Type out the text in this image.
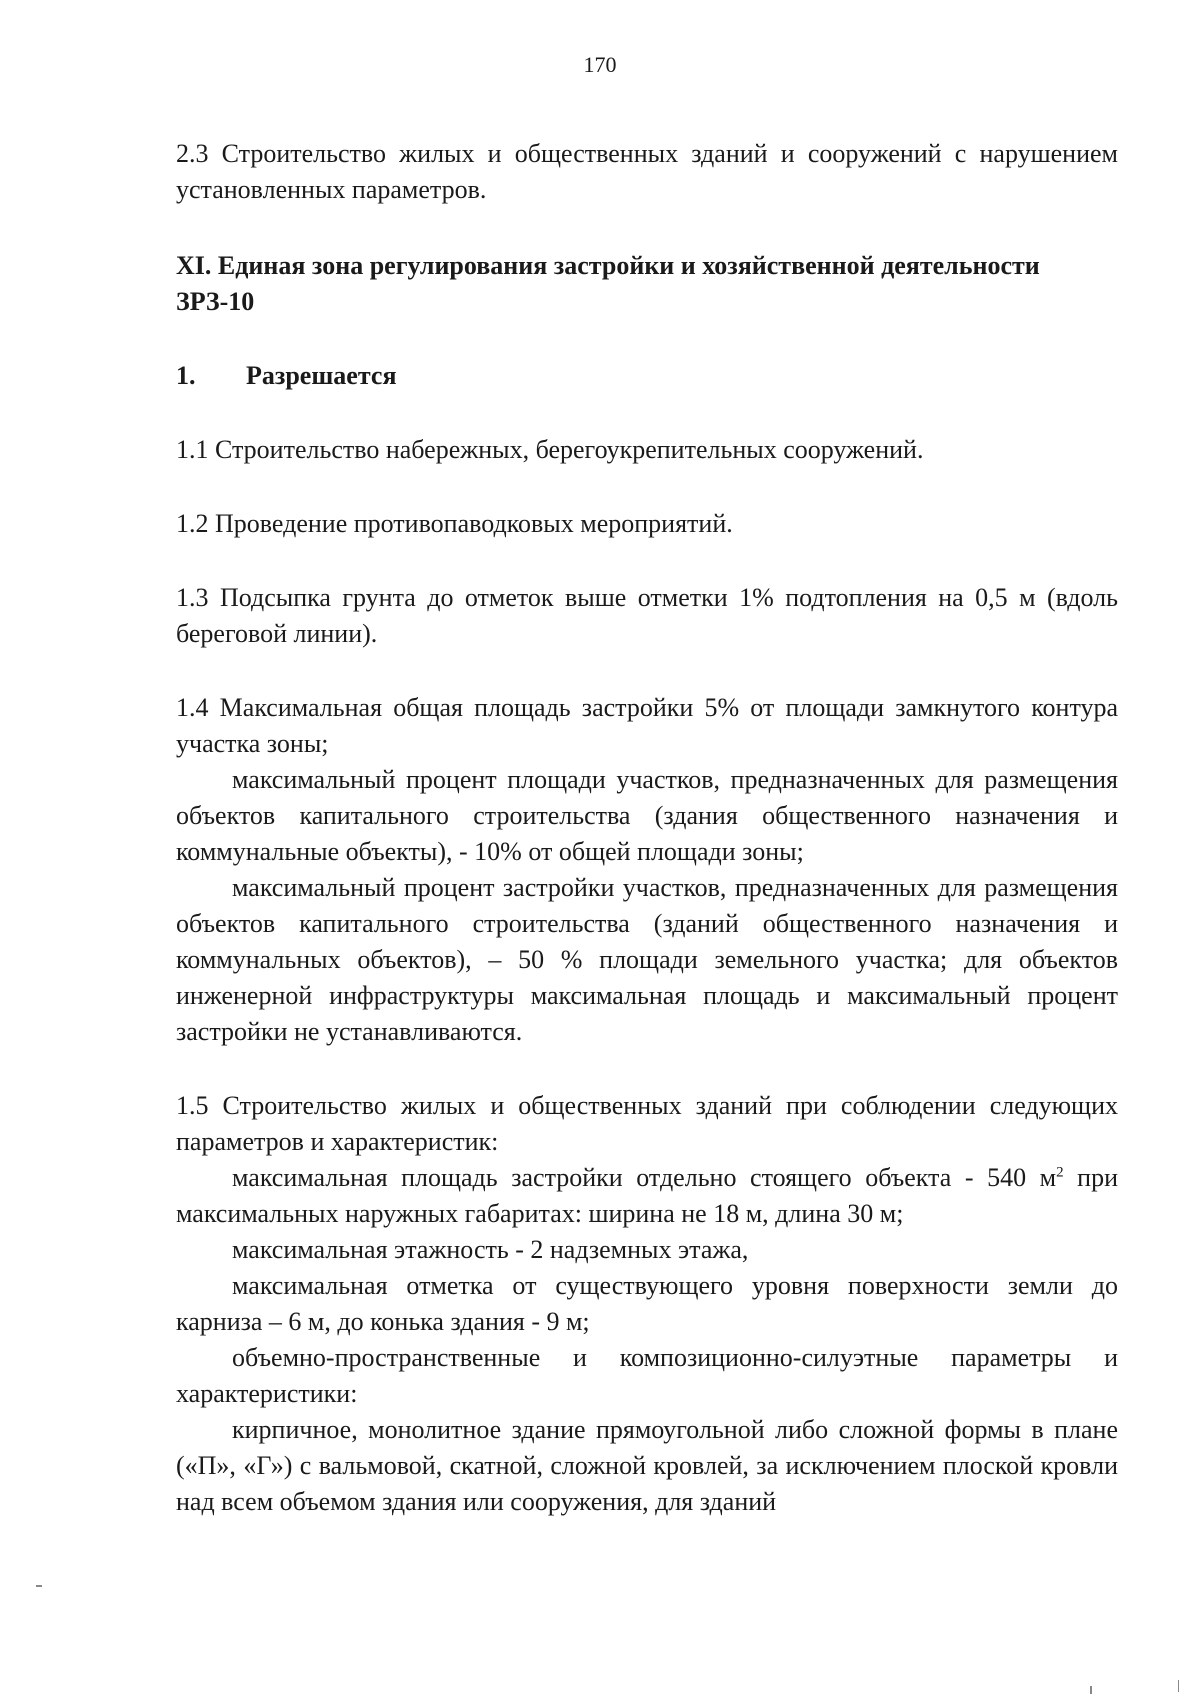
170

2.3 Строительство жилых и общественных зданий и сооружений с нарушением установленных параметров.

XI. Единая зона регулирования застройки и хозяйственной деятельности ЗРЗ-10

1. Разрешается

1.1 Строительство набережных, берегоукрепительных сооружений.

1.2 Проведение противопаводковых мероприятий.

1.3 Подсыпка грунта до отметок выше отметки 1% подтопления на 0,5 м (вдоль береговой линии).

1.4 Максимальная общая площадь застройки 5% от площади замкнутого контура участка зоны;

максимальный процент площади участков, предназначенных для размещения объектов капитального строительства (здания общественного назначения и коммунальные объекты), - 10% от общей площади зоны;

максимальный процент застройки участков, предназначенных для размещения объектов капитального строительства (зданий общественного назначения и коммунальных объектов), – 50 % площади земельного участка; для объектов инженерной инфраструктуры максимальная площадь и максимальный процент застройки не устанавливаются.

1.5 Строительство жилых и общественных зданий при соблюдении следующих параметров и характеристик:

максимальная площадь застройки отдельно стоящего объекта - 540 $м^2$ при максимальных наружных габаритах: ширина не 18 м, длина 30 м;

максимальная этажность - 2 надземных этажа,

максимальная отметка от существующего уровня поверхности земли до карниза – 6 м, до конька здания - 9 м;

объемно-пространственные и композиционно-силуэтные параметры и характеристики:

кирпичное, монолитное здание прямоугольной либо сложной формы в плане («П», «Г») с вальмовой, скатной, сложной кровлей, за исключением плоской кровли над всем объемом здания или сооружения, для зданий
